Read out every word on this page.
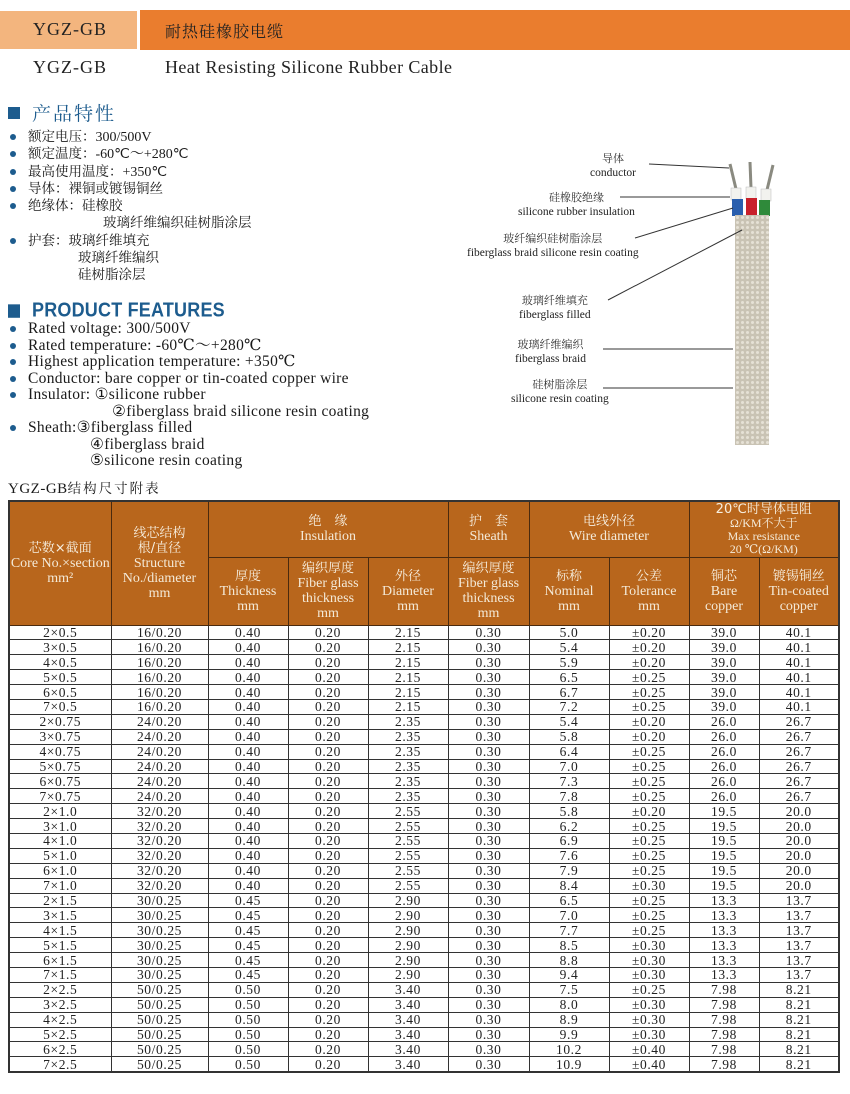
YGZ-GB	耐热硅橡胶电缆
YGZ-GB	Heat Resisting Silicone Rubber Cable
产品特性
额定电压：300/500V
额定温度：-60℃～+280℃
最高使用温度：+350℃
导体：裸铜或镀锡铜丝
绝缘体：硅橡胶
玻璃纤维编织硅树脂涂层
护套：玻璃纤维填充
玻璃纤维编织
硅树脂涂层
PRODUCT FEATURES
Rated voltage: 300/500V
Rated temperature: -60℃～+280℃
Highest application temperature: +350℃
Conductor: bare copper or tin-coated copper wire
Insulator: ①silicone rubber
②fiberglass braid silicone resin coating
Sheath:③fiberglass filled
④fiberglass braid
⑤silicone resin coating
导体
conductor
硅橡胶绝缘
silicone rubber insulation
玻纤编织硅树脂涂层
fiberglass braid silicone resin coating
玻璃纤维填充
fiberglass filled
玻璃纤维编织
fiberglass braid
硅树脂涂层
silicone resin coating
YGZ-GB结构尺寸附表
芯数×截面
Core No.×section
mm²	线芯结构
根/直径
Structure
No./diameter
mm	绝　缘
Insulation			护　套
Sheath	电线外径
Wire diameter		20℃时导体电阻
Ω/KM不大于
Max resistance
20 ℃(Ω/KM)	

		厚度
Thickness
mm	编织厚度
Fiber glass
thickness
mm	外径
Diameter
mm	编织厚度
Fiber glass
thickness
mm	标称
Nominal
mm	公差
Tolerance
mm	铜芯
Bare
copper	镀锡铜丝
Tin-coated
copper

2×0.5	16/0.20	0.40	0.20	2.15	0.30	5.0	±0.20	39.0	40.1
3×0.5	16/0.20	0.40	0.20	2.15	0.30	5.4	±0.20	39.0	40.1
4×0.5	16/0.20	0.40	0.20	2.15	0.30	5.9	±0.20	39.0	40.1
5×0.5	16/0.20	0.40	0.20	2.15	0.30	6.5	±0.25	39.0	40.1
6×0.5	16/0.20	0.40	0.20	2.15	0.30	6.7	±0.25	39.0	40.1
7×0.5	16/0.20	0.40	0.20	2.15	0.30	7.2	±0.25	39.0	40.1
2×0.75	24/0.20	0.40	0.20	2.35	0.30	5.4	±0.20	26.0	26.7
3×0.75	24/0.20	0.40	0.20	2.35	0.30	5.8	±0.20	26.0	26.7
4×0.75	24/0.20	0.40	0.20	2.35	0.30	6.4	±0.25	26.0	26.7
5×0.75	24/0.20	0.40	0.20	2.35	0.30	7.0	±0.25	26.0	26.7
6×0.75	24/0.20	0.40	0.20	2.35	0.30	7.3	±0.25	26.0	26.7
7×0.75	24/0.20	0.40	0.20	2.35	0.30	7.8	±0.25	26.0	26.7
2×1.0	32/0.20	0.40	0.20	2.55	0.30	5.8	±0.20	19.5	20.0
3×1.0	32/0.20	0.40	0.20	2.55	0.30	6.2	±0.25	19.5	20.0
4×1.0	32/0.20	0.40	0.20	2.55	0.30	6.9	±0.25	19.5	20.0
5×1.0	32/0.20	0.40	0.20	2.55	0.30	7.6	±0.25	19.5	20.0
6×1.0	32/0.20	0.40	0.20	2.55	0.30	7.9	±0.25	19.5	20.0
7×1.0	32/0.20	0.40	0.20	2.55	0.30	8.4	±0.30	19.5	20.0
2×1.5	30/0.25	0.45	0.20	2.90	0.30	6.5	±0.25	13.3	13.7
3×1.5	30/0.25	0.45	0.20	2.90	0.30	7.0	±0.25	13.3	13.7
4×1.5	30/0.25	0.45	0.20	2.90	0.30	7.7	±0.25	13.3	13.7
5×1.5	30/0.25	0.45	0.20	2.90	0.30	8.5	±0.30	13.3	13.7
6×1.5	30/0.25	0.45	0.20	2.90	0.30	8.8	±0.30	13.3	13.7
7×1.5	30/0.25	0.45	0.20	2.90	0.30	9.4	±0.30	13.3	13.7
2×2.5	50/0.25	0.50	0.20	3.40	0.30	7.5	±0.25	7.98	8.21
3×2.5	50/0.25	0.50	0.20	3.40	0.30	8.0	±0.30	7.98	8.21
4×2.5	50/0.25	0.50	0.20	3.40	0.30	8.9	±0.30	7.98	8.21
5×2.5	50/0.25	0.50	0.20	3.40	0.30	9.9	±0.30	7.98	8.21
6×2.5	50/0.25	0.50	0.20	3.40	0.30	10.2	±0.40	7.98	8.21
7×2.5	50/0.25	0.50	0.20	3.40	0.30	10.9	±0.40	7.98	8.21
